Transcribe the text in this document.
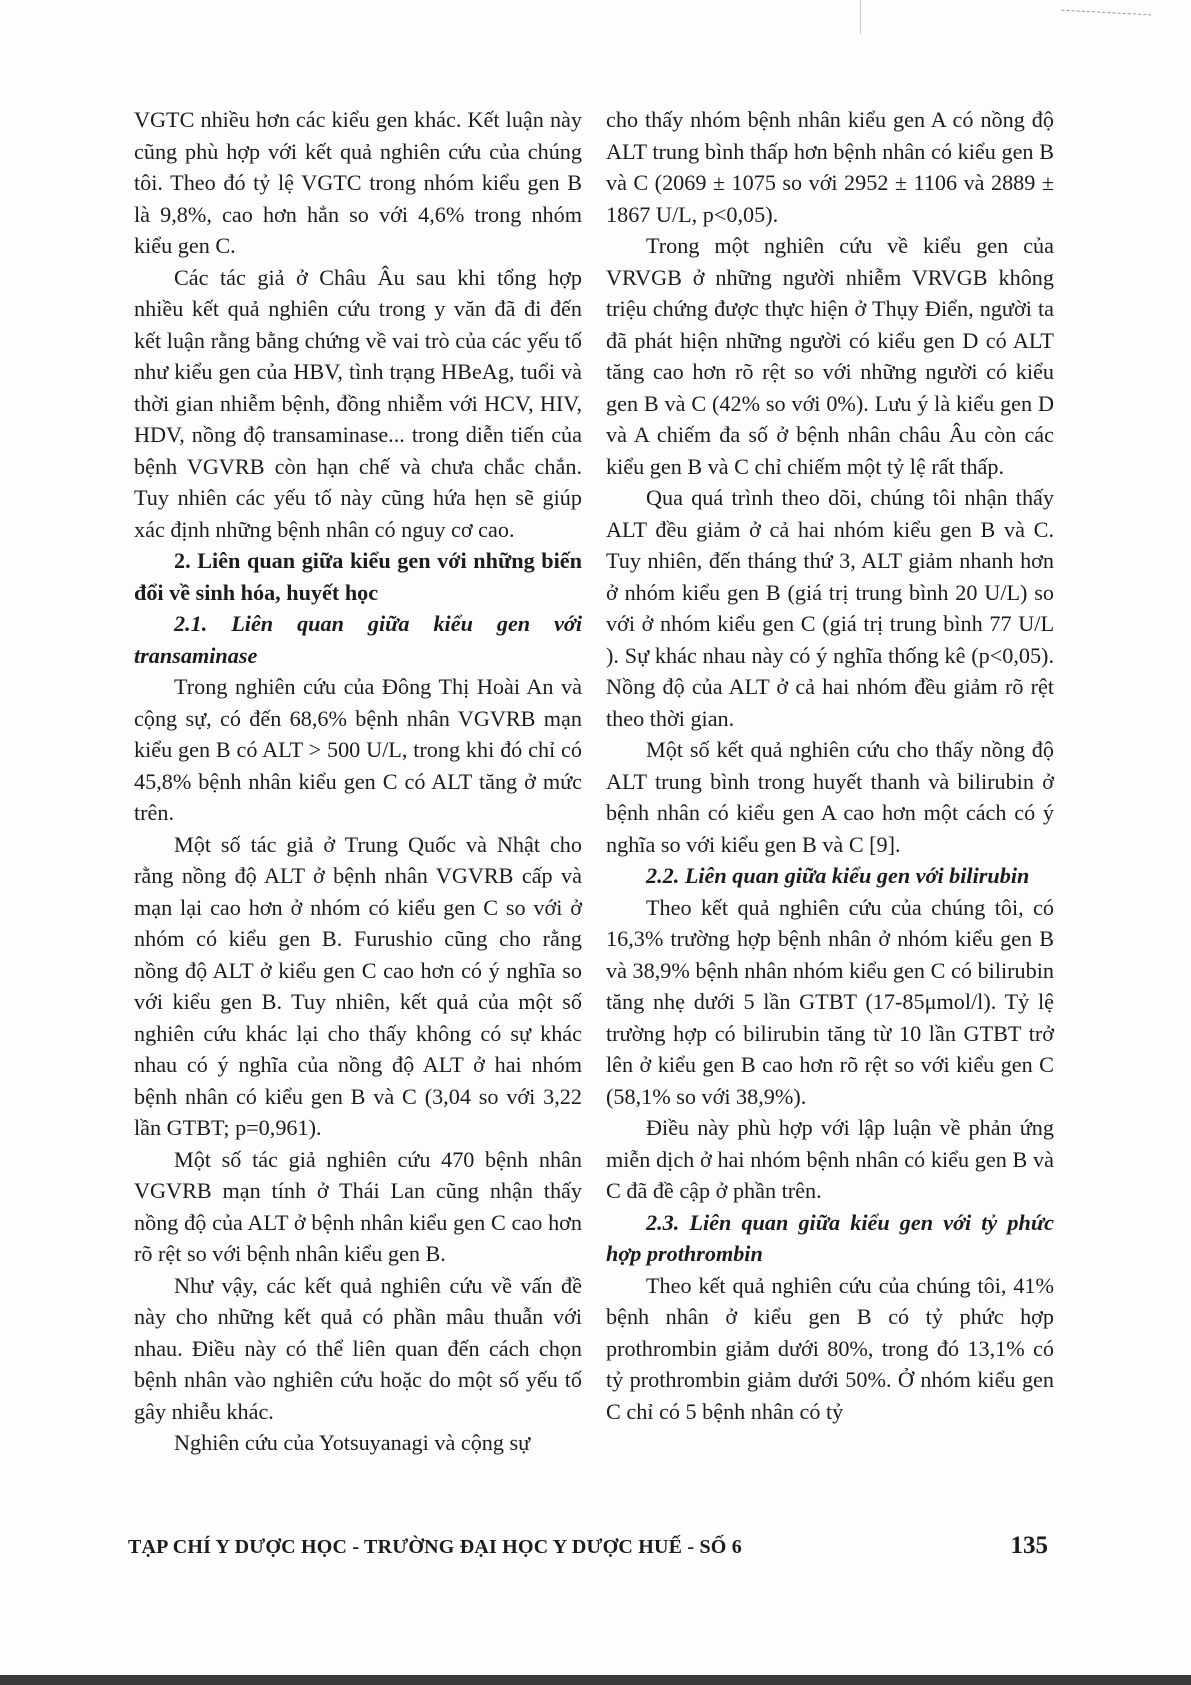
VGTC nhiều hơn các kiểu gen khác. Kết luận này cũng phù hợp với kết quả nghiên cứu của chúng tôi. Theo đó tỷ lệ VGTC trong nhóm kiểu gen B là 9,8%, cao hơn hẳn so với 4,6% trong nhóm kiểu gen C.

Các tác giả ở Châu Âu sau khi tổng hợp nhiều kết quả nghiên cứu trong y văn đã đi đến kết luận rằng bằng chứng về vai trò của các yếu tố như kiểu gen của HBV, tình trạng HBeAg, tuổi và thời gian nhiễm bệnh, đồng nhiễm với HCV, HIV, HDV, nồng độ transaminase... trong diễn tiến của bệnh VGVRB còn hạn chế và chưa chắc chắn. Tuy nhiên các yếu tố này cũng hứa hẹn sẽ giúp xác định những bệnh nhân có nguy cơ cao.

2. Liên quan giữa kiểu gen với những biến đổi về sinh hóa, huyết học

2.1. Liên quan giữa kiểu gen với transaminase

Trong nghiên cứu của Đông Thị Hoài An và cộng sự, có đến 68,6% bệnh nhân VGVRB mạn kiểu gen B có ALT > 500 U/L, trong khi đó chỉ có 45,8% bệnh nhân kiểu gen C có ALT tăng ở mức trên.

Một số tác giả ở Trung Quốc và Nhật cho rằng nồng độ ALT ở bệnh nhân VGVRB cấp và mạn lại cao hơn ở nhóm có kiểu gen C so với ở nhóm có kiểu gen B. Furushio cũng cho rằng nồng độ ALT ở kiểu gen C cao hơn có ý nghĩa so với kiểu gen B. Tuy nhiên, kết quả của một số nghiên cứu khác lại cho thấy không có sự khác nhau có ý nghĩa của nồng độ ALT ở hai nhóm bệnh nhân có kiểu gen B và C (3,04 so với 3,22 lần GTBT; p=0,961).

Một số tác giả nghiên cứu 470 bệnh nhân VGVRB mạn tính ở Thái Lan cũng nhận thấy nồng độ của ALT ở bệnh nhân kiểu gen C cao hơn rõ rệt so với bệnh nhân kiểu gen B.

Như vậy, các kết quả nghiên cứu về vấn đề này cho những kết quả có phần mâu thuẫn với nhau. Điều này có thể liên quan đến cách chọn bệnh nhân vào nghiên cứu hoặc do một số yếu tố gây nhiễu khác.

Nghiên cứu của Yotsuyanagi và cộng sự

cho thấy nhóm bệnh nhân kiểu gen A có nồng độ ALT trung bình thấp hơn bệnh nhân có kiểu gen B và C (2069 ± 1075 so với 2952 ± 1106 và 2889 ± 1867 U/L, p<0,05).

Trong một nghiên cứu về kiểu gen của VRVGB ở những người nhiễm VRVGB không triệu chứng được thực hiện ở Thụy Điển, người ta đã phát hiện những người có kiểu gen D có ALT tăng cao hơn rõ rệt so với những người có kiểu gen B và C (42% so với 0%). Lưu ý là kiểu gen D và A chiếm đa số ở bệnh nhân châu Âu còn các kiểu gen B và C chỉ chiếm một tỷ lệ rất thấp.

Qua quá trình theo dõi, chúng tôi nhận thấy ALT đều giảm ở cả hai nhóm kiểu gen B và C. Tuy nhiên, đến tháng thứ 3, ALT giảm nhanh hơn ở nhóm kiểu gen B (giá trị trung bình 20 U/L) so với ở nhóm kiểu gen C (giá trị trung bình 77 U/L ). Sự khác nhau này có ý nghĩa thống kê (p<0,05). Nồng độ của ALT ở cả hai nhóm đều giảm rõ rệt theo thời gian.

Một số kết quả nghiên cứu cho thấy nồng độ ALT trung bình trong huyết thanh và bilirubin ở bệnh nhân có kiểu gen A cao hơn một cách có ý nghĩa so với kiểu gen B và C [9].

2.2. Liên quan giữa kiểu gen với bilirubin

Theo kết quả nghiên cứu của chúng tôi, có 16,3% trường hợp bệnh nhân ở nhóm kiểu gen B và 38,9% bệnh nhân nhóm kiểu gen C có bilirubin tăng nhẹ dưới 5 lần GTBT (17-85μmol/l). Tỷ lệ trường hợp có bilirubin tăng từ 10 lần GTBT trở lên ở kiểu gen B cao hơn rõ rệt so với kiểu gen C (58,1% so với 38,9%).

Điều này phù hợp với lập luận về phản ứng miễn dịch ở hai nhóm bệnh nhân có kiểu gen B và C đã đề cập ở phần trên.

2.3. Liên quan giữa kiểu gen với tỷ phức hợp prothrombin

Theo kết quả nghiên cứu của chúng tôi, 41% bệnh nhân ở kiểu gen B có tỷ phức hợp prothrombin giảm dưới 80%, trong đó 13,1% có tỷ prothrombin giảm dưới 50%. Ở nhóm kiểu gen C chỉ có 5 bệnh nhân có tỷ

TẠP CHÍ Y DƯỢC HỌC - TRƯỜNG ĐẠI HỌC Y DƯỢC HUẾ - SỐ 6	135
